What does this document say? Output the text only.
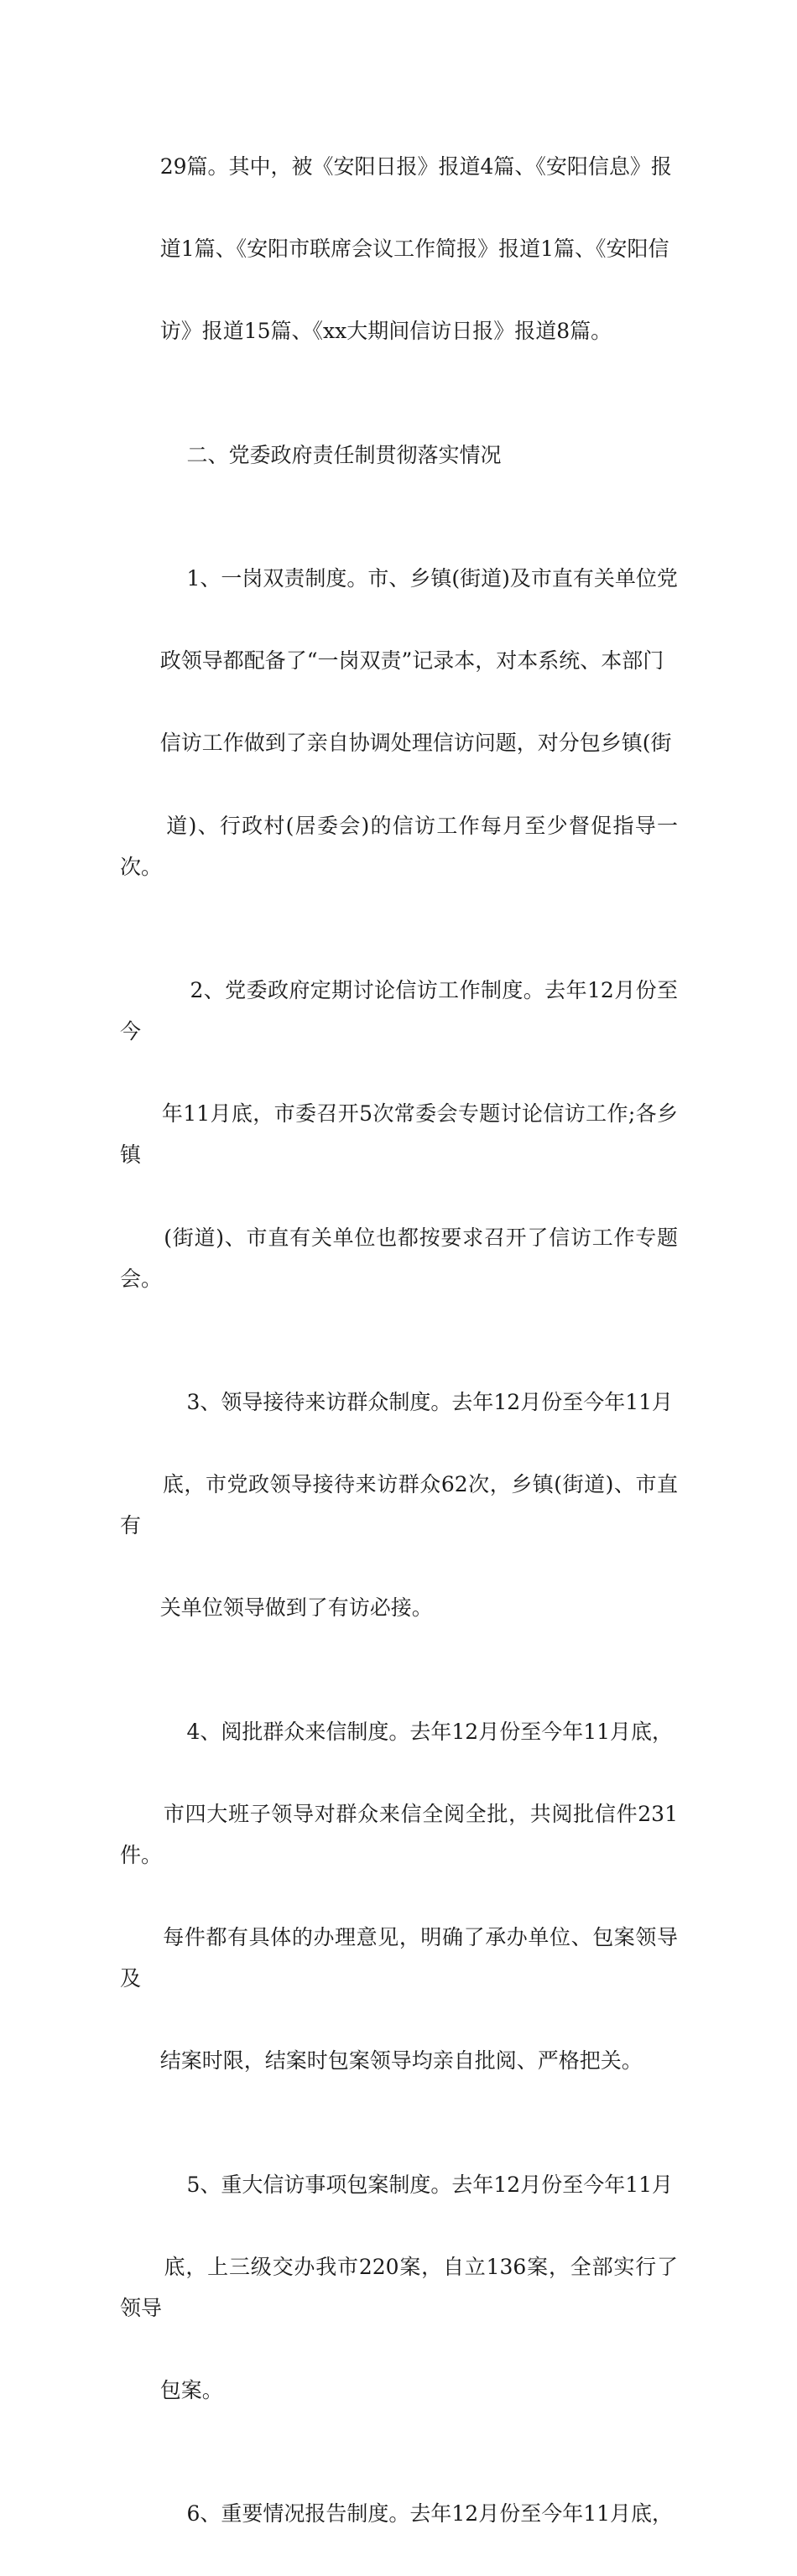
29篇。其中，被《安阳日报》报道4篇、《安阳信息》报

道1篇、《安阳市联席会议工作简报》报道1篇、《安阳信

访》报道15篇、《xx大期间信访日报》报道8篇。

二、党委政府责任制贯彻落实情况

1、一岗双责制度。市、乡镇(街道)及市直有关单位党

政领导都配备了“一岗双责”记录本，对本系统、本部门

信访工作做到了亲自协调处理信访问题，对分包乡镇(街

道)、行政村(居委会)的信访工作每月至少督促指导一次。

2、党委政府定期讨论信访工作制度。去年12月份至今

年11月底，市委召开5次常委会专题讨论信访工作;各乡镇

(街道)、市直有关单位也都按要求召开了信访工作专题会。

3、领导接待来访群众制度。去年12月份至今年11月

底，市党政领导接待来访群众62次，乡镇(街道)、市直有

关单位领导做到了有访必接。

4、阅批群众来信制度。去年12月份至今年11月底，

市四大班子领导对群众来信全阅全批，共阅批信件231件。

每件都有具体的办理意见，明确了承办单位、包案领导及

结案时限，结案时包案领导均亲自批阅、严格把关。

5、重大信访事项包案制度。去年12月份至今年11月

底，上三级交办我市220案，自立136案，全部实行了领导

包案。

6、重要情况报告制度。去年12月份至今年11月底，
